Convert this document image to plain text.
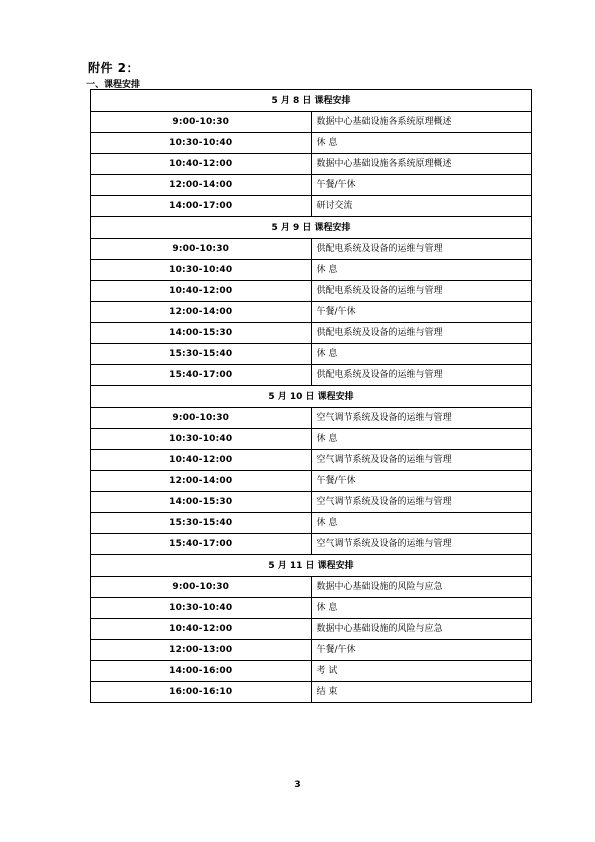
附件 2：
一、课程安排
5 月 8 日 课程安排	
9:00-10:30	数据中心基础设施各系统原理概述
10:30-10:40	休 息
10:40-12:00	数据中心基础设施各系统原理概述
12:00-14:00	午餐/午休
14:00-17:00	研讨交流
5 月 9 日 课程安排	
9:00-10:30	供配电系统及设备的运维与管理
10:30-10:40	休 息
10:40-12:00	供配电系统及设备的运维与管理
12:00-14:00	午餐/午休
14:00-15:30	供配电系统及设备的运维与管理
15:30-15:40	休 息
15:40-17:00	供配电系统及设备的运维与管理
5 月 10 日 课程安排	
9:00-10:30	空气调节系统及设备的运维与管理
10:30-10:40	休 息
10:40-12:00	空气调节系统及设备的运维与管理
12:00-14:00	午餐/午休
14:00-15:30	空气调节系统及设备的运维与管理
15:30-15:40	休 息
15:40-17:00	空气调节系统及设备的运维与管理
5 月 11 日 课程安排	
9:00-10:30	数据中心基础设施的风险与应急
10:30-10:40	休 息
10:40-12:00	数据中心基础设施的风险与应急
12:00-13:00	午餐/午休
14:00-16:00	考 试
16:00-16:10	结 束
3
